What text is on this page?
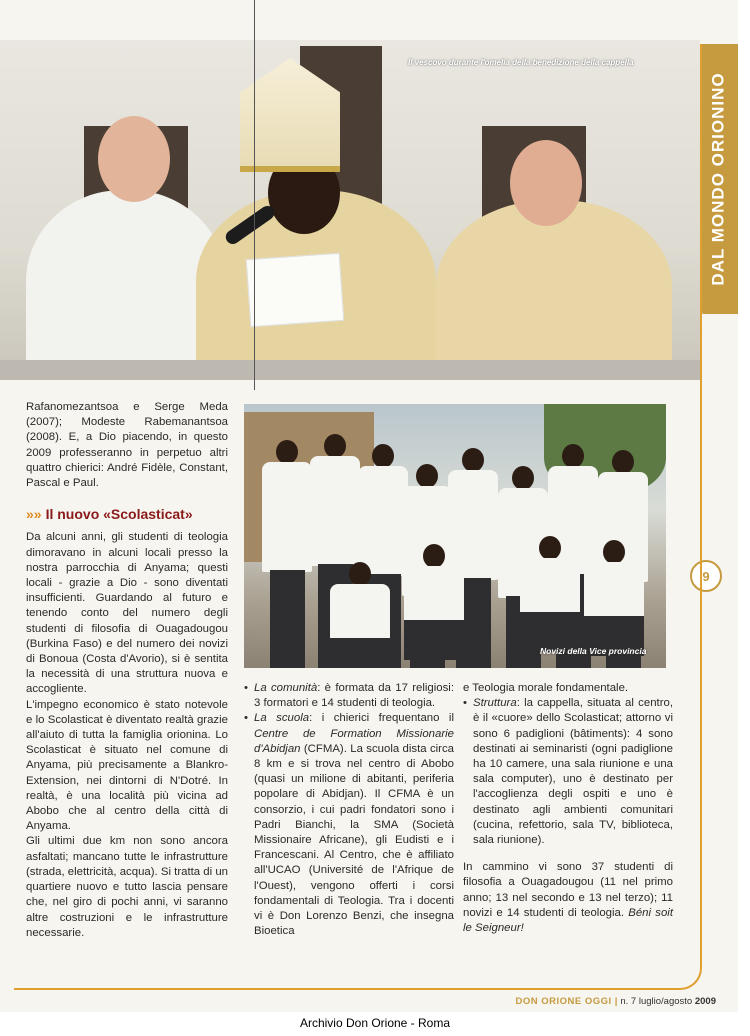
Il vescovo durante l'omelia della benedizione della cappella
DAL MONDO ORIONINO
9

Rafanomezantsoa e Serge Meda (2007); Modeste Rabemanantsoa (2008). E, a Dio piacendo, in questo 2009 professeranno in perpetuo altri quattro chierici: André Fidèle, Constant, Pascal e Paul.

»» Il nuovo «Scolasticat»

Da alcuni anni, gli studenti di teologia dimoravano in alcuni locali presso la nostra parrocchia di Anyama; questi locali - grazie a Dio - sono diventati insufficienti. Guardando al futuro e tenendo conto del numero degli studenti di filosofia di Ouagadougou (Burkina Faso) e del numero dei novizi di Bonoua (Costa d'Avorio), si è sentita la necessità di una struttura nuova e accogliente.

L'impegno economico è stato notevole e lo Scolasticat è diventato realtà grazie all'aiuto di tutta la famiglia orionina. Lo Scolasticat è situato nel comune di Anyama, più precisamente a Blankro-Extension, nei dintorni di N'Dotré. In realtà, è una località più vicina ad Abobo che al centro della città di Anyama.

Gli ultimi due km non sono ancora asfaltati; mancano tutte le infrastrutture (strada, elettricità, acqua). Si tratta di un quartiere nuovo e tutto lascia pensare che, nel giro di pochi anni, vi saranno altre costruzioni e le infrastrutture necessarie.

Novizi della Vice provincia
• La comunità: è formata da 17 religiosi: 3 formatori e 14 studenti di teologia.
• La scuola: i chierici frequentano il Centre de Formation Missionarie d'Abidjan (CFMA). La scuola dista circa 8 km e si trova nel centro di Abobo (quasi un milione di abitanti, periferia popolare di Abidjan). Il CFMA è un consorzio, i cui padri fondatori sono i Padri Bianchi, la SMA (Società Missionaire Africane), gli Eudisti e i Francescani. Al Centro, che è affiliato all'UCAO (Université de l'Afrique de l'Ouest), vengono offerti i corsi fondamentali di Teologia. Tra i docenti vi è Don Lorenzo Benzi, che insegna Bioetica

e Teologia morale fondamentale.

• Struttura: la cappella, situata al centro, è il «cuore» dello Scolasticat; attorno vi sono 6 padiglioni (bâtiments): 4 sono destinati ai seminaristi (ogni padiglione ha 10 camere, una sala riunione e una sala computer), uno è destinato per l'accoglienza degli ospiti e uno è destinato agli ambienti comunitari (cucina, refettorio, sala TV, biblioteca, sala riunione).

In cammino vi sono 37 studenti di filosofia a Ouagadougou (11 nel primo anno; 13 nel secondo e 13 nel terzo); 11 novizi e 14 studenti di teologia. Béni soit le Seigneur!

DON ORIONE OGGI | n. 7 luglio/agosto 2009
Archivio Don Orione - Roma
